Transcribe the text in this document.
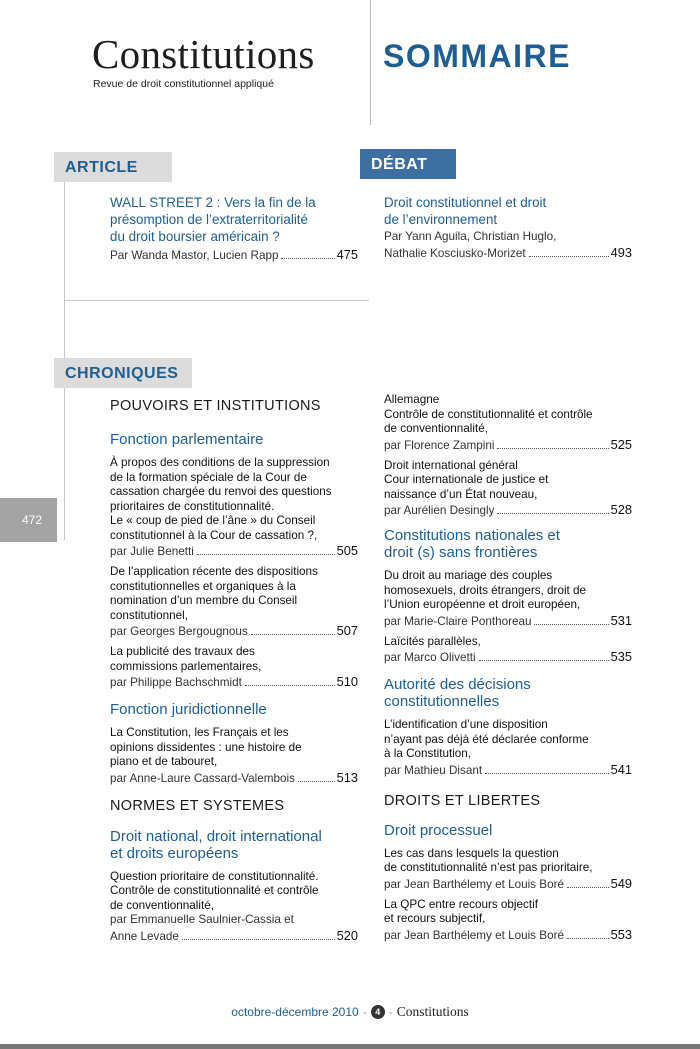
Constitutions
Revue de droit constitutionnel appliqué
SOMMAIRE
472
ARTICLE
WALL STREET 2 : Vers la fin de la
présomption de l’extraterritorialité
du droit boursier américain ?
Par Wanda Mastor, Lucien Rapp	475
DÉBAT
Droit constitutionnel et droit
de l’environnement
Par Yann Aguila, Christian Huglo,
Nathalie Kosciusko-Morizet	493
CHRONIQUES
POUVOIRS ET INSTITUTIONS
Fonction parlementaire
À propos des conditions de la suppression
de la formation spéciale de la Cour de
cassation chargée du renvoi des questions
prioritaires de constitutionnalité.
Le « coup de pied de l’âne » du Conseil
constitutionnel à la Cour de cassation ?,
par Julie Benetti	505
De l’application récente des dispositions
constitutionnelles et organiques à la
nomination d’un membre du Conseil
constitutionnel,
par Georges Bergougnous	507
La publicité des travaux des
commissions parlementaires,
par Philippe Bachschmidt	510
Fonction juridictionnelle
La Constitution, les Français et les
opinions dissidentes : une histoire de
piano et de tabouret,
par Anne-Laure Cassard-Valembois	513
NORMES ET SYSTEMES
Droit national, droit international
et droits européens
Question prioritaire de constitutionnalité.
Contrôle de constitutionnalité et contrôle
de conventionnalité,
par Emmanuelle Saulnier-Cassia et
Anne Levade	520
Allemagne
Contrôle de constitutionnalité et contrôle
de conventionnalité,
par Florence Zampini	525
Droit international général
Cour internationale de justice et
naissance d’un État nouveau,
par Aurélien Desingly	528
Constitutions nationales et
droit (s) sans frontières
Du droit au mariage des couples
homosexuels, droits étrangers, droit de
l’Union européenne et droit européen,
par Marie-Claire Ponthoreau	531
Laïcités parallèles,
par Marco Olivetti	535
Autorité des décisions
constitutionnelles
L’identification d’une disposition
n’ayant pas déjà été déclarée conforme
à la Constitution,
par Mathieu Disant	541
DROITS ET LIBERTES
Droit processuel
Les cas dans lesquels la question
de constitutionnalité n’est pas prioritaire,
par Jean Barthélemy et Louis Boré	549
La QPC entre recours objectif
et recours subjectif,
par Jean Barthélemy et Louis Boré	553
octobre-décembre 2010 - 4 - Constitutions
